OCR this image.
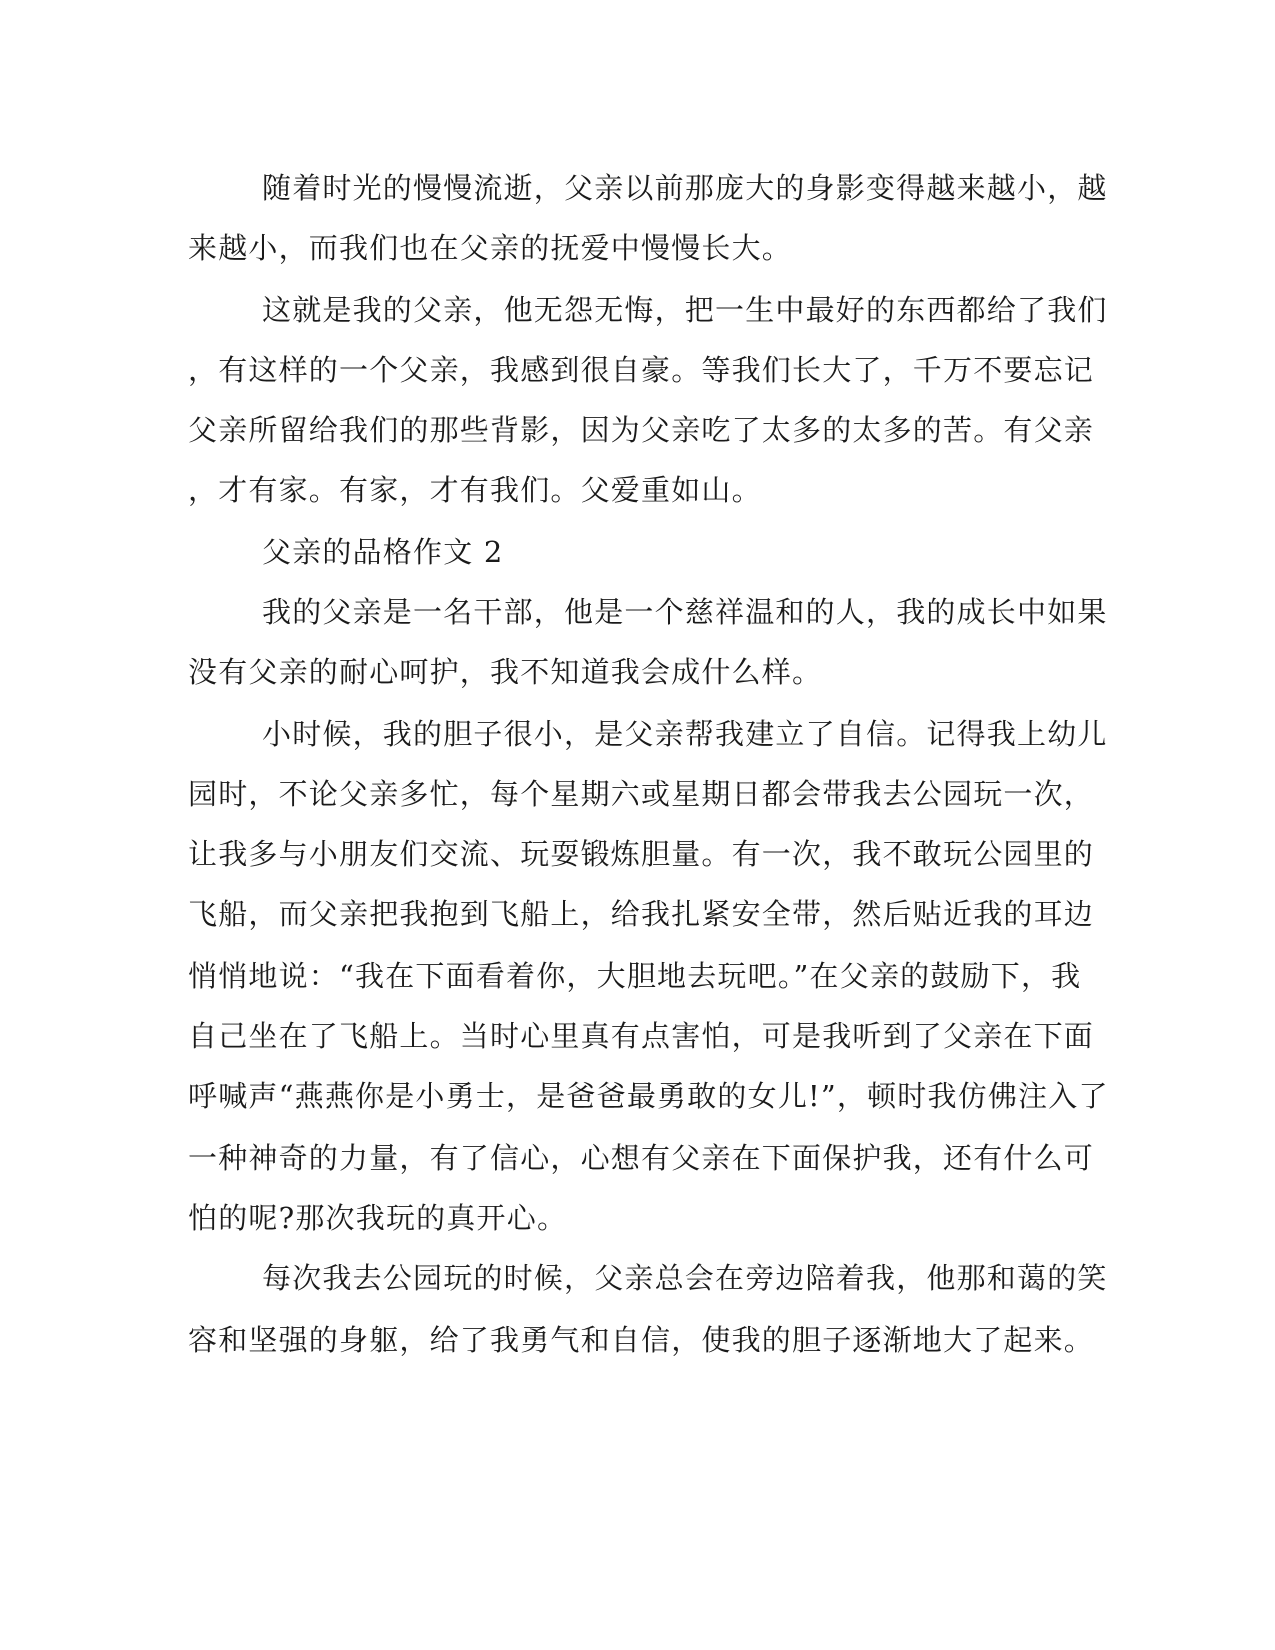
随着时光的慢慢流逝，父亲以前那庞大的身影变得越来越小，越
来越小，而我们也在父亲的抚爱中慢慢长大。
这就是我的父亲，他无怨无悔，把一生中最好的东西都给了我们
，有这样的一个父亲，我感到很自豪。等我们长大了，千万不要忘记
父亲所留给我们的那些背影，因为父亲吃了太多的太多的苦。有父亲
，才有家。有家，才有我们。父爱重如山。
父亲的品格作文 2
我的父亲是一名干部，他是一个慈祥温和的人，我的成长中如果
没有父亲的耐心呵护，我不知道我会成什么样。
小时候，我的胆子很小，是父亲帮我建立了自信。记得我上幼儿
园时，不论父亲多忙，每个星期六或星期日都会带我去公园玩一次，
让我多与小朋友们交流、玩耍锻炼胆量。有一次，我不敢玩公园里的
飞船，而父亲把我抱到飞船上，给我扎紧安全带，然后贴近我的耳边
悄悄地说：“我在下面看着你，大胆地去玩吧。”在父亲的鼓励下，我
自己坐在了飞船上。当时心里真有点害怕，可是我听到了父亲在下面
呼喊声“燕燕你是小勇士，是爸爸最勇敢的女儿!”，顿时我仿佛注入了
一种神奇的力量，有了信心，心想有父亲在下面保护我，还有什么可
怕的呢?那次我玩的真开心。
每次我去公园玩的时候，父亲总会在旁边陪着我，他那和蔼的笑
容和坚强的身躯，给了我勇气和自信，使我的胆子逐渐地大了起来。
